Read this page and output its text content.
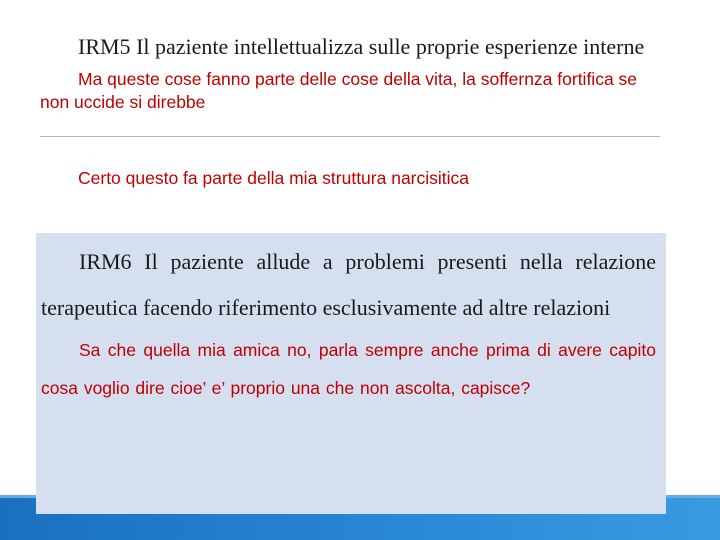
IRM5 Il paziente intellettualizza sulle proprie esperienze interne

Ma queste cose fanno parte delle cose della vita, la soffernza fortifica se non uccide si direbbe

Certo questo fa parte della mia struttura narcisitica

IRM6 Il paziente allude a problemi presenti nella relazione terapeutica facendo riferimento esclusivamente ad altre relazioni

Sa che quella mia amica no, parla sempre anche prima di avere capito cosa voglio dire cioe’ e’ proprio una che non ascolta, capisce?
